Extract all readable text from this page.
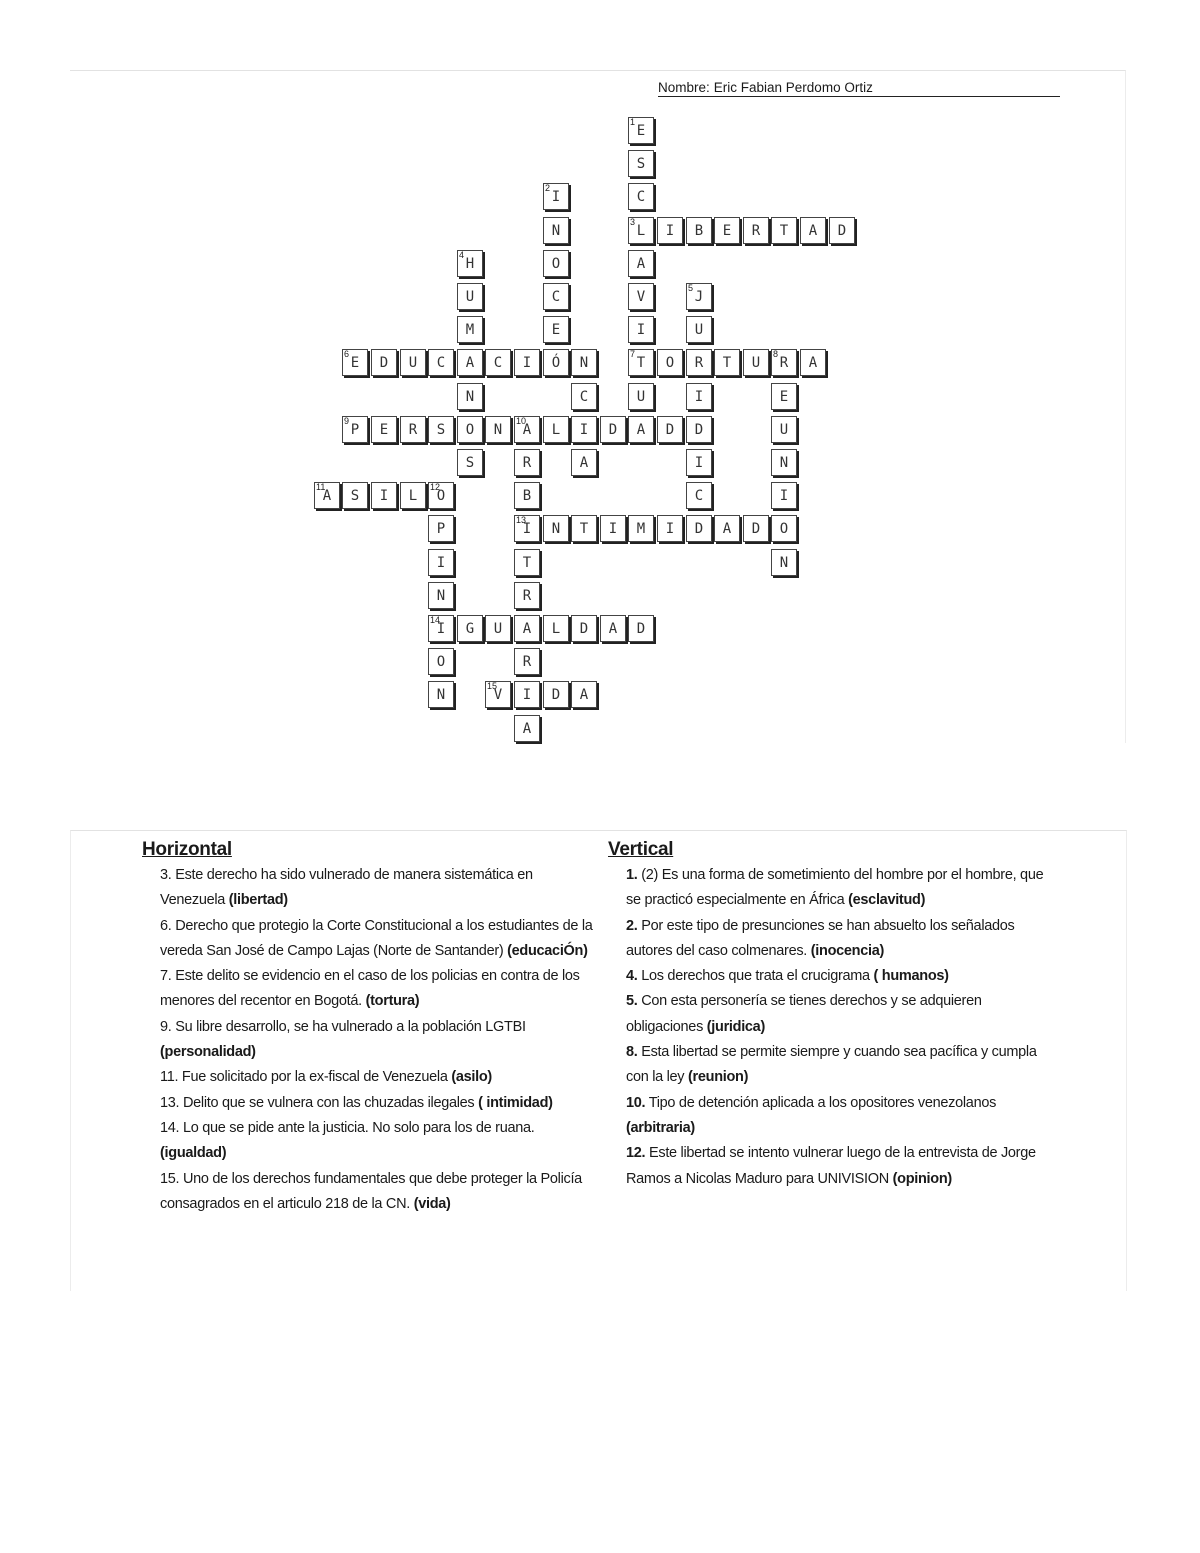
Nombre: Eric Fabian Perdomo Ortiz
1
E
S
2
I	C
N
3
L I B E R T A D
4
H	O	A
U	C	V
5
J
M	E	I	U
6
E D U C A C I Ó N
7
T O R T U
8
R A
N	C	U	I	E
9
P E R S O N
10
A L I D A D D	U
S	R	A	I	N
11
A S I L
12
O	B	C	I
P
13
I N T I M I D A D O
I	T	N
N	R
14
I G U A L D A D
O	R
N
15
V I D A
A
Horizontal
3. Este derecho ha sido vulnerado de manera sistemática en Venezuela (libertad)
6. Derecho que protegio la Corte Constitucional a los estudiantes de la vereda San José de Campo Lajas (Norte de Santander) (educaciÓn)
7. Este delito se evidencio en el caso de los policias en contra de los menores del recentor en Bogotá. (tortura)
9. Su libre desarrollo, se ha vulnerado a la población LGTBI (personalidad)
11. Fue solicitado por la ex-fiscal de Venezuela (asilo)
13. Delito que se vulnera con las chuzadas ilegales ( intimidad)
14. Lo que se pide ante la justicia. No solo para los de ruana. (igualdad)
15. Uno de los derechos fundamentales que debe proteger la Policía consagrados en el articulo 218 de la CN. (vida)
Vertical
1. (2) Es una forma de sometimiento del hombre por el hombre, que se practicó especialmente en África (esclavitud)
2. Por este tipo de presunciones se han absuelto los señalados autores del caso colmenares. (inocencia)
4. Los derechos que trata el crucigrama ( humanos)
5. Con esta personería se tienes derechos y se adquieren obligaciones (juridica)
8. Esta libertad se permite siempre y cuando sea pacífica y cumpla con la ley (reunion)
10. Tipo de detención aplicada a los opositores venezolanos (arbitraria)
12. Este libertad se intento vulnerar luego de la entrevista de Jorge Ramos a Nicolas Maduro para UNIVISION (opinion)
